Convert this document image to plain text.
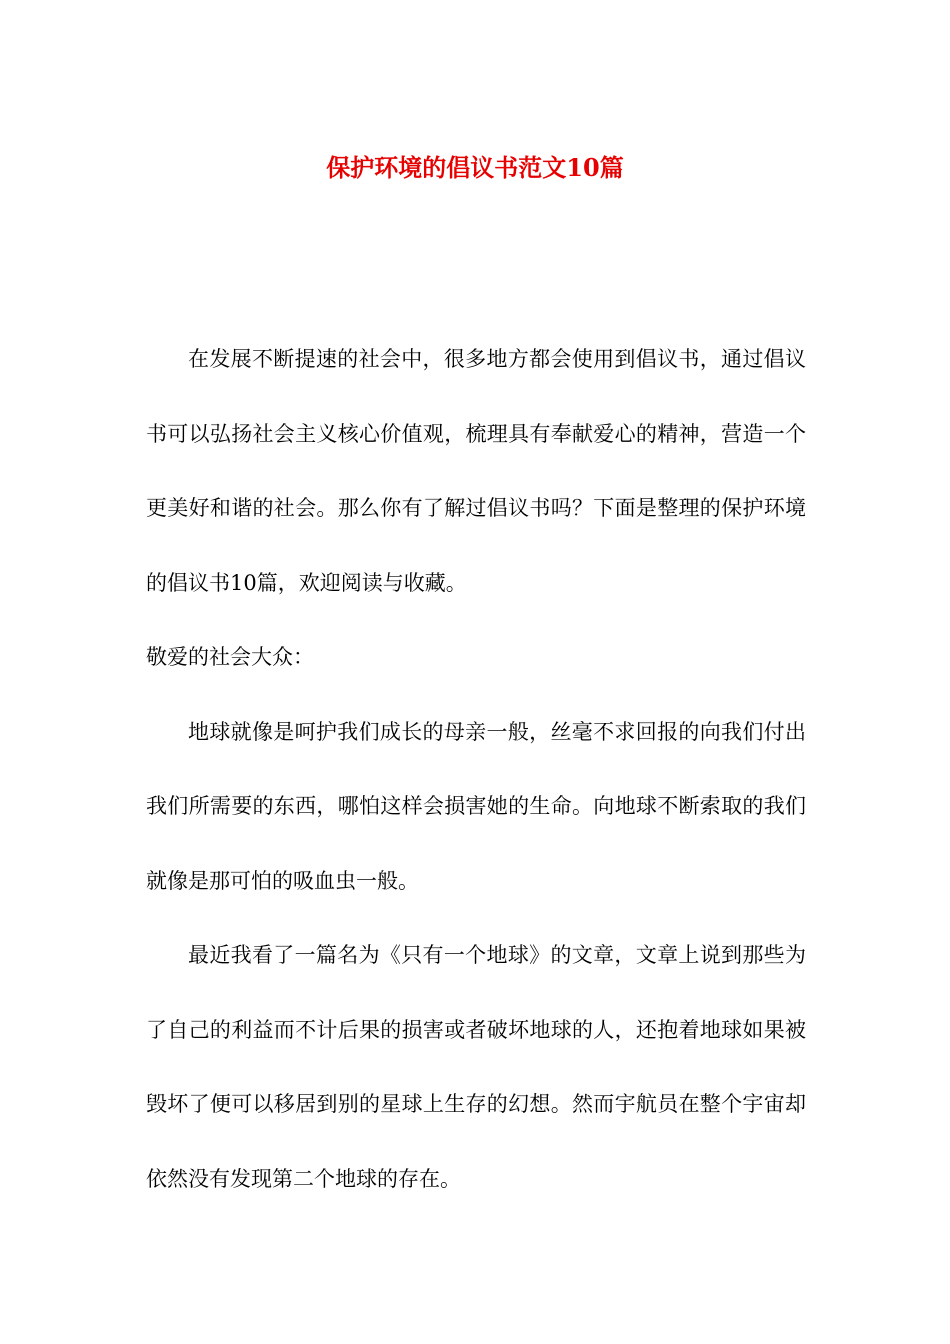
保护环境的倡议书范文10篇

在发展不断提速的社会中，很多地方都会使用到倡议书，通过倡议书可以弘扬社会主义核心价值观，梳理具有奉献爱心的精神，营造一个更美好和谐的社会。那么你有了解过倡议书吗？下面是整理的保护环境的倡议书10篇，欢迎阅读与收藏。

敬爱的社会大众：

地球就像是呵护我们成长的母亲一般，丝毫不求回报的向我们付出我们所需要的东西，哪怕这样会损害她的生命。向地球不断索取的我们就像是那可怕的吸血虫一般。

最近我看了一篇名为《只有一个地球》的文章，文章上说到那些为了自己的利益而不计后果的损害或者破坏地球的人，还抱着地球如果被毁坏了便可以移居到别的星球上生存的幻想。然而宇航员在整个宇宙却依然没有发现第二个地球的存在。
